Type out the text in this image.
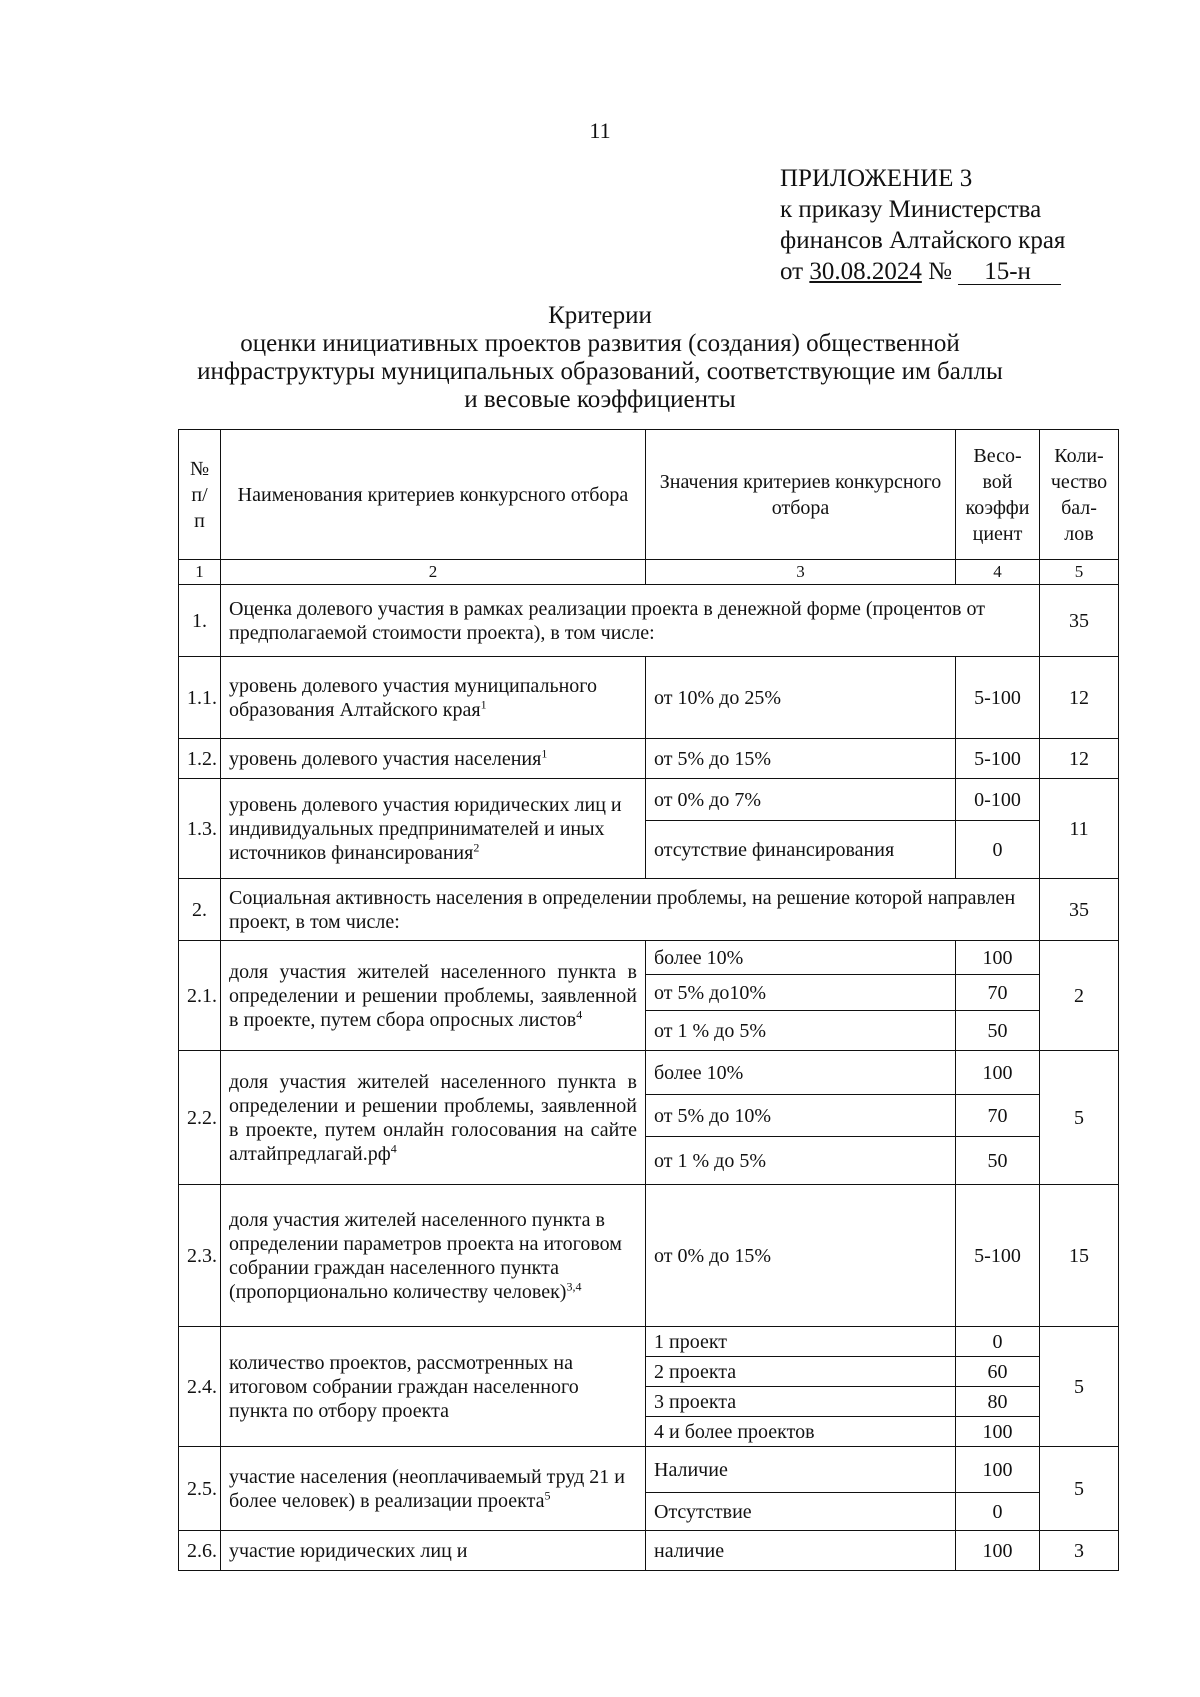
11
ПРИЛОЖЕНИЕ 3
к приказу Министерства
финансов Алтайского края
от 30.08.2024 № 15-н
Критерии
оценки инициативных проектов развития (создания) общественной
инфраструктуры муниципальных образований, соответствующие им баллы
и весовые коэффициенты
№ п/п	Наименования критериев конкурсного отбора	Значения критериев конкурсного отбора	Весо-вой коэффи циент	Коли-чество бал-лов
1	2	3	4	5
1.	Оценка долевого участия в рамках реализации проекта в денежной форме (процентов от предполагаемой стоимости проекта), в том числе:			35
1.1.	уровень долевого участия муниципального образования Алтайского края$^1$	от 10% до 25%	5-100	12
1.2.	уровень долевого участия населения$^1$	от 5% до 15%	5-100	12
1.3.	уровень долевого участия юридических лиц и индивидуальных предпринимателей и иных источников финансирования$^2$	от 0% до 7%	0-100	11
		отсутствие финансирования	0	
2.	Социальная активность населения в определении проблемы, на решение которой направлен проект, в том числе:			35
2.1.	доля участия жителей населенного пункта в определении и решении проблемы, заявленной в проекте, путем сбора опросных листов$^4$	более 10%	100	2
		от 5% до10%	70	
		от 1 % до 5%	50	
2.2.	доля участия жителей населенного пункта в определении и решении проблемы, заявленной в проекте, путем онлайн голосования на сайте $алтайпредлагай.рф^4$	более 10%	100	5
		от 5% до 10%	70	
		от 1 % до 5%	50	
2.3.	доля участия жителей населенного пункта в определении параметров проекта на итоговом собрании граждан населенного пункта (пропорционально количеству человек)$^{3,4}$	от 0% до 15%	5-100	15
2.4.	количество проектов, рассмотренных на итоговом собрании граждан населенного пункта по отбору проекта	1 проект	0	5
		2 проекта	60	
		3 проекта	80	
		4 и более проектов	100	
2.5.	участие населения (неоплачиваемый труд 21 и более человек) в реализации проекта$^5$	Наличие	100	5
		Отсутствие	0	
2.6.	участие юридических лиц и	наличие	100	3
